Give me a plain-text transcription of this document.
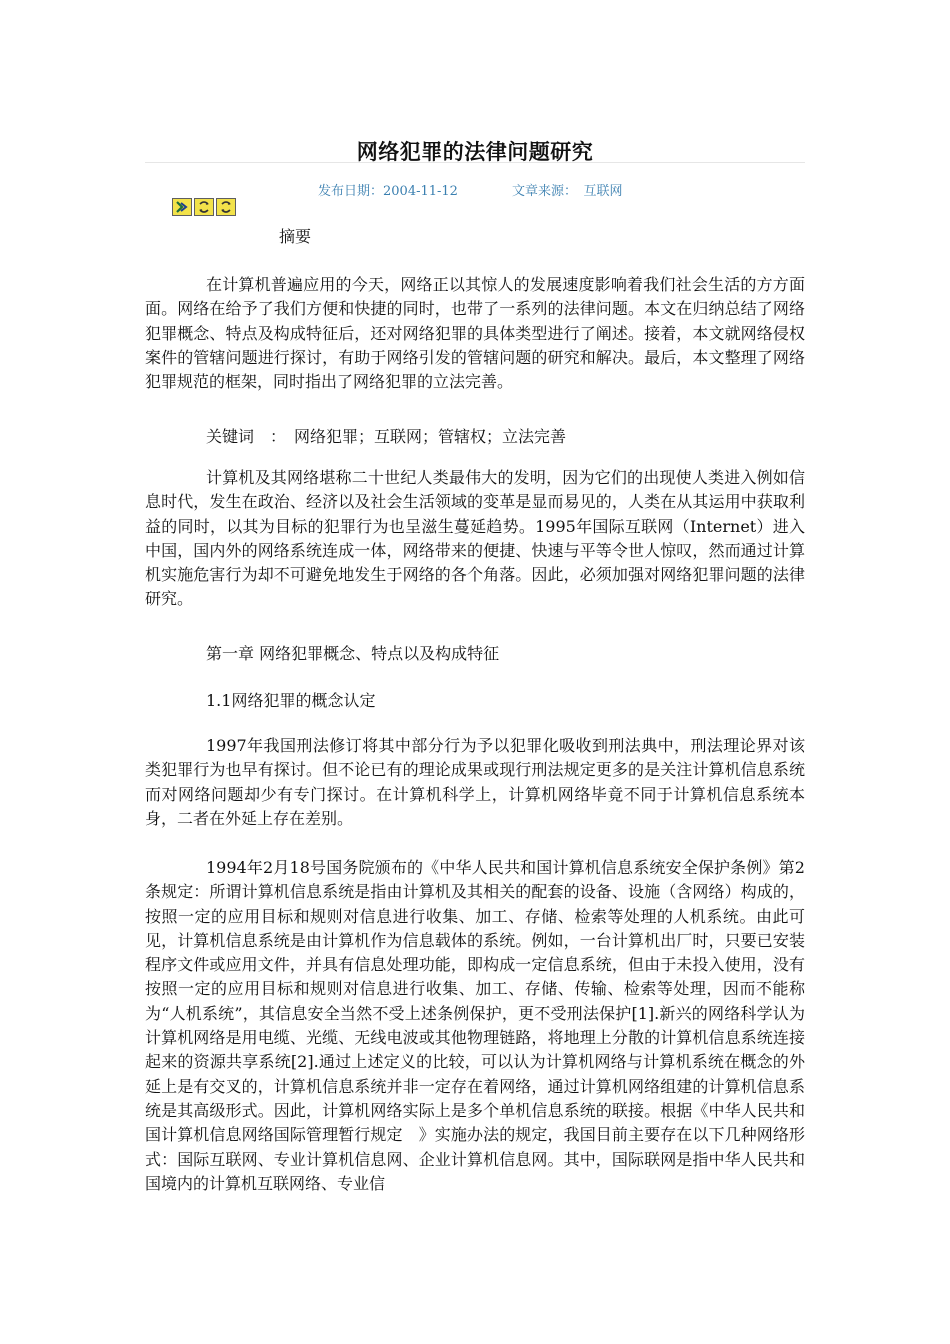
网络犯罪的法律问题研究
发布日期：2004-11-12	文章来源：　互联网
摘要

在计算机普遍应用的今天，网络正以其惊人的发展速度影响着我们社会生活的方方面面。网络在给予了我们方便和快捷的同时，也带了一系列的法律问题。本文在归纳总结了网络犯罪概念、特点及构成特征后，还对网络犯罪的具体类型进行了阐述。接着，本文就网络侵权案件的管辖问题进行探讨，有助于网络引发的管辖问题的研究和解决。最后，本文整理了网络犯罪规范的框架，同时指出了网络犯罪的立法完善。

关键词　：　网络犯罪；互联网；管辖权；立法完善

计算机及其网络堪称二十世纪人类最伟大的发明，因为它们的出现使人类进入例如信息时代，发生在政治、经济以及社会生活领域的变革是显而易见的，人类在从其运用中获取利益的同时，以其为目标的犯罪行为也呈滋生蔓延趋势。1995年国际互联网（Internet）进入中国，国内外的网络系统连成一体，网络带来的便捷、快速与平等令世人惊叹，然而通过计算机实施危害行为却不可避免地发生于网络的各个角落。因此，必须加强对网络犯罪问题的法律研究。

第一章 网络犯罪概念、特点以及构成特征
1.1网络犯罪的概念认定

1997年我国刑法修订将其中部分行为予以犯罪化吸收到刑法典中，刑法理论界对该类犯罪行为也早有探讨。但不论已有的理论成果或现行刑法规定更多的是关注计算机信息系统而对网络问题却少有专门探讨。在计算机科学上，计算机网络毕竟不同于计算机信息系统本身，二者在外延上存在差别。

1994年2月18号国务院颁布的《中华人民共和国计算机信息系统安全保护条例》第2条规定：所谓计算机信息系统是指由计算机及其相关的配套的设备、设施（含网络）构成的，按照一定的应用目标和规则对信息进行收集、加工、存储、检索等处理的人机系统。由此可见，计算机信息系统是由计算机作为信息载体的系统。例如，一台计算机出厂时，只要已安装程序文件或应用文件，并具有信息处理功能，即构成一定信息系统，但由于未投入使用，没有按照一定的应用目标和规则对信息进行收集、加工、存储、传输、检索等处理，因而不能称为“人机系统”，其信息安全当然不受上述条例保护，更不受刑法保护[1].新兴的网络科学认为计算机网络是用电缆、光缆、无线电波或其他物理链路，将地理上分散的计算机信息系统连接起来的资源共享系统[2].通过上述定义的比较，可以认为计算机网络与计算机系统在概念的外延上是有交叉的，计算机信息系统并非一定存在着网络，通过计算机网络组建的计算机信息系统是其高级形式。因此，计算机网络实际上是多个单机信息系统的联接。根据《中华人民共和国计算机信息网络国际管理暂行规定　》实施办法的规定，我国目前主要存在以下几种网络形式：国际互联网、专业计算机信息网、企业计算机信息网。其中，国际联网是指中华人民共和国境内的计算机互联网络、专业信
